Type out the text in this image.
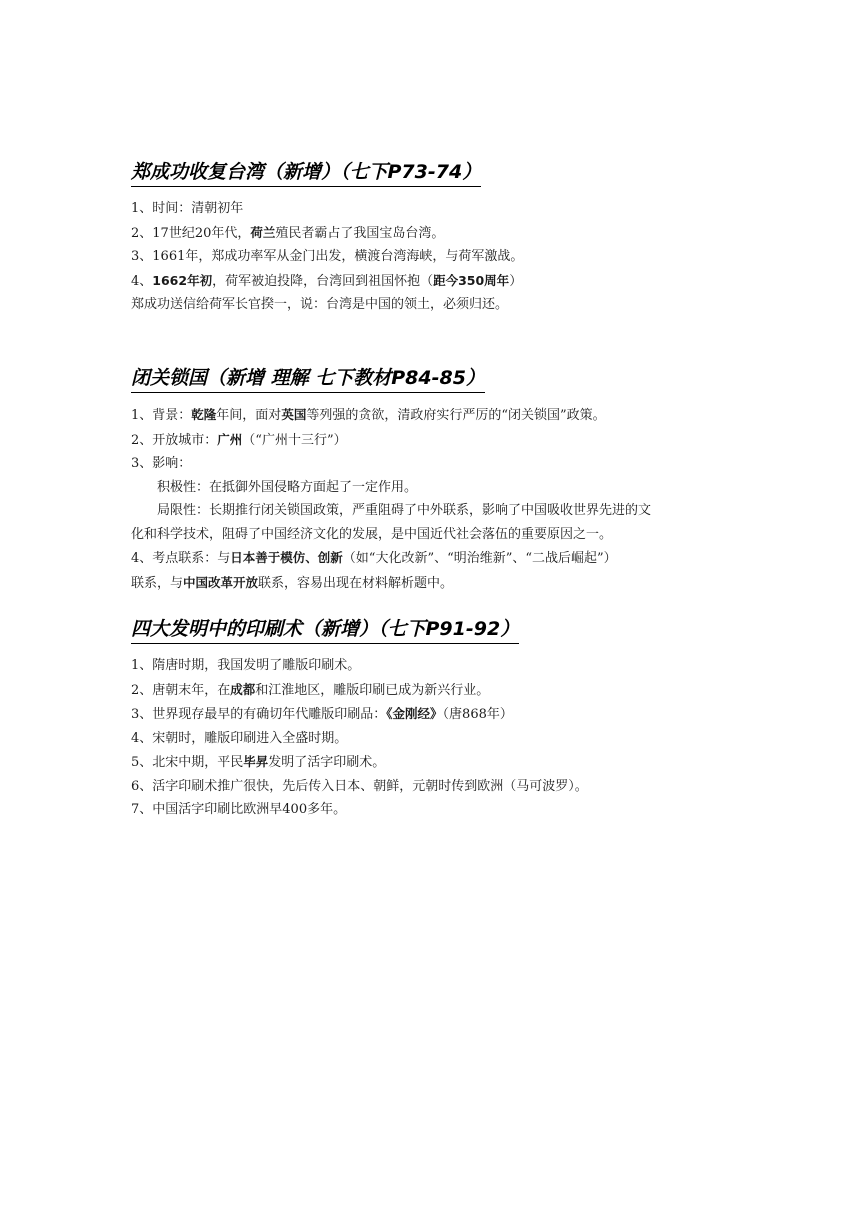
郑成功收复台湾（新增）（七下P73-74）
1、时间：清朝初年
2、17世纪20年代，荷兰殖民者霸占了我国宝岛台湾。
3、1661年，郑成功率军从金门出发，横渡台湾海峡，与荷军激战。
4、1662年初，荷军被迫投降，台湾回到祖国怀抱（距今350周年）
郑成功送信给荷军长官揆一，说：台湾是中国的领土，必须归还。
闭关锁国（新增 理解 七下教材P84-85）
1、背景：乾隆年间，面对英国等列强的贪欲，清政府实行严厉的“闭关锁国”政策。
2、开放城市：广州（“广州十三行”）
3、影响：
积极性：在抵御外国侵略方面起了一定作用。
局限性：长期推行闭关锁国政策，严重阻碍了中外联系，影响了中国吸收世界先进的文
化和科学技术，阻碍了中国经济文化的发展，是中国近代社会落伍的重要原因之一。
4、考点联系：与日本善于模仿、创新（如“大化改新”、“明治维新”、“二战后崛起”）
联系，与中国改革开放联系，容易出现在材料解析题中。
四大发明中的印刷术（新增）（七下P91-92）
1、隋唐时期，我国发明了雕版印刷术。
2、唐朝末年，在成都和江淮地区，雕版印刷已成为新兴行业。
3、世界现存最早的有确切年代雕版印刷品：《金刚经》（唐868年）
4、宋朝时，雕版印刷进入全盛时期。
5、北宋中期，平民毕昇发明了活字印刷术。
6、活字印刷术推广很快，先后传入日本、朝鲜，元朝时传到欧洲（马可波罗）。
7、中国活字印刷比欧洲早400多年。
